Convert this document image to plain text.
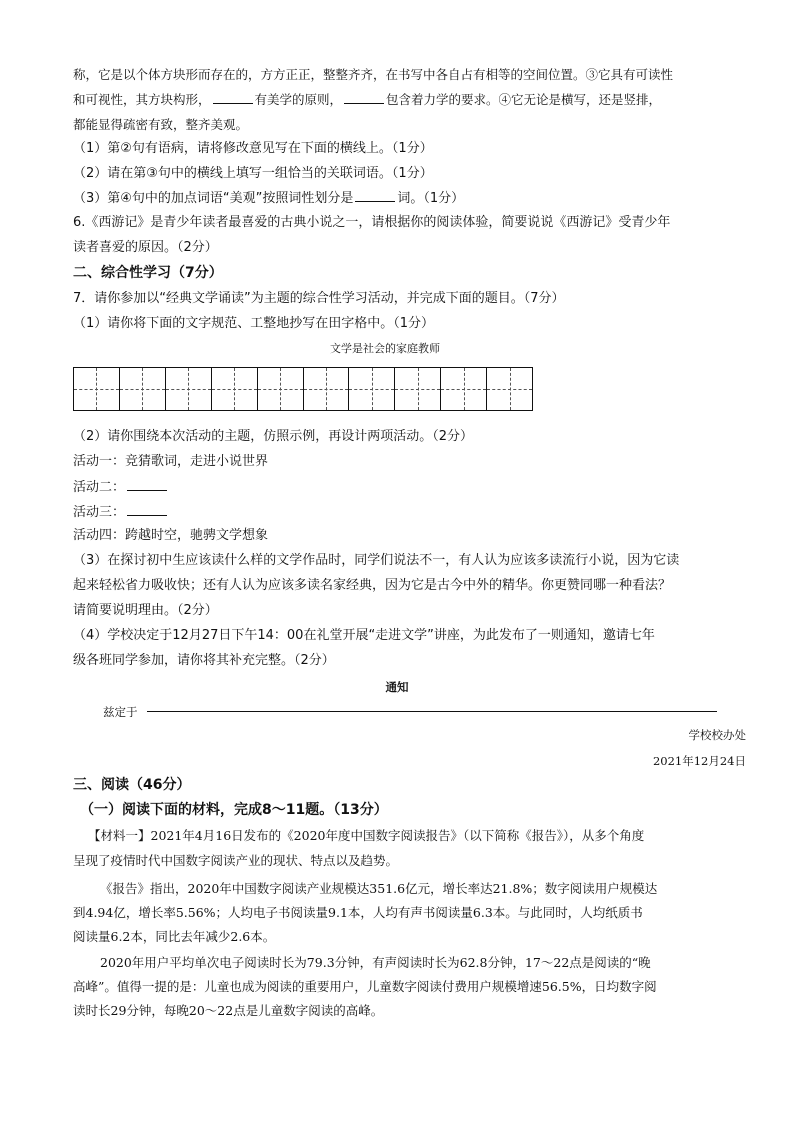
称，它是以个体方块形而存在的，方方正正，整整齐齐，在书写中各自占有相等的空间位置。③它具有可读性
和可视性，其方块构形，	有美学的原则，	包含着力学的要求。④它无论是横写，还是竖排，
都能显得疏密有致，整齐美观。
（1）第②句有语病，请将修改意见写在下面的横线上。（1分）
（2）请在第③句中的横线上填写一组恰当的关联词语。（1分）
（3）第④句中的加点词语“美观”按照词性划分是	词。（1分）
6.《西游记》是青少年读者最喜爱的古典小说之一，请根据你的阅读体验，简要说说《西游记》受青少年
读者喜爱的原因。（2分）
二、综合性学习（7分）
7．请你参加以“经典文学诵读”为主题的综合性学习活动，并完成下面的题目。（7分）
（1）请你将下面的文字规范、工整地抄写在田字格中。（1分）
文学是社会的家庭教师
（2）请你围绕本次活动的主题，仿照示例，再设计两项活动。（2分）
活动一：竞猜歌词，走进小说世界
活动二：
活动三：
活动四：跨越时空，驰骋文学想象
（3）在探讨初中生应该读什么样的文学作品时，同学们说法不一，有人认为应该多读流行小说，因为它读
起来轻松省力吸收快；还有人认为应该多读名家经典，因为它是古今中外的精华。你更赞同哪一种看法？
请简要说明理由。（2分）
（4）学校决定于12月27日下午14：00在礼堂开展“走进文学”讲座，为此发布了一则通知，邀请七年
级各班同学参加，请你将其补充完整。（2分）
通知
兹定于
学校校办处
2021年12月24日
三、阅读（46分）
（一）阅读下面的材料，完成8～11题。（13分）
【材料一】2021年4月16日发布的《2020年度中国数字阅读报告》（以下简称《报告》），从多个角度
呈现了疫情时代中国数字阅读产业的现状、特点以及趋势。
《报告》指出，2020年中国数字阅读产业规模达351.6亿元，增长率达21.8%；数字阅读用户规模达
到4.94亿，增长率5.56%；人均电子书阅读量9.1本，人均有声书阅读量6.3本。与此同时，人均纸质书
阅读量6.2本，同比去年减少2.6本。
2020年用户平均单次电子阅读时长为79.3分钟，有声阅读时长为62.8分钟，17～22点是阅读的“晚
高峰”。值得一提的是：儿童也成为阅读的重要用户，儿童数字阅读付费用户规模增速56.5%，日均数字阅
读时长29分钟，每晚20～22点是儿童数字阅读的高峰。
